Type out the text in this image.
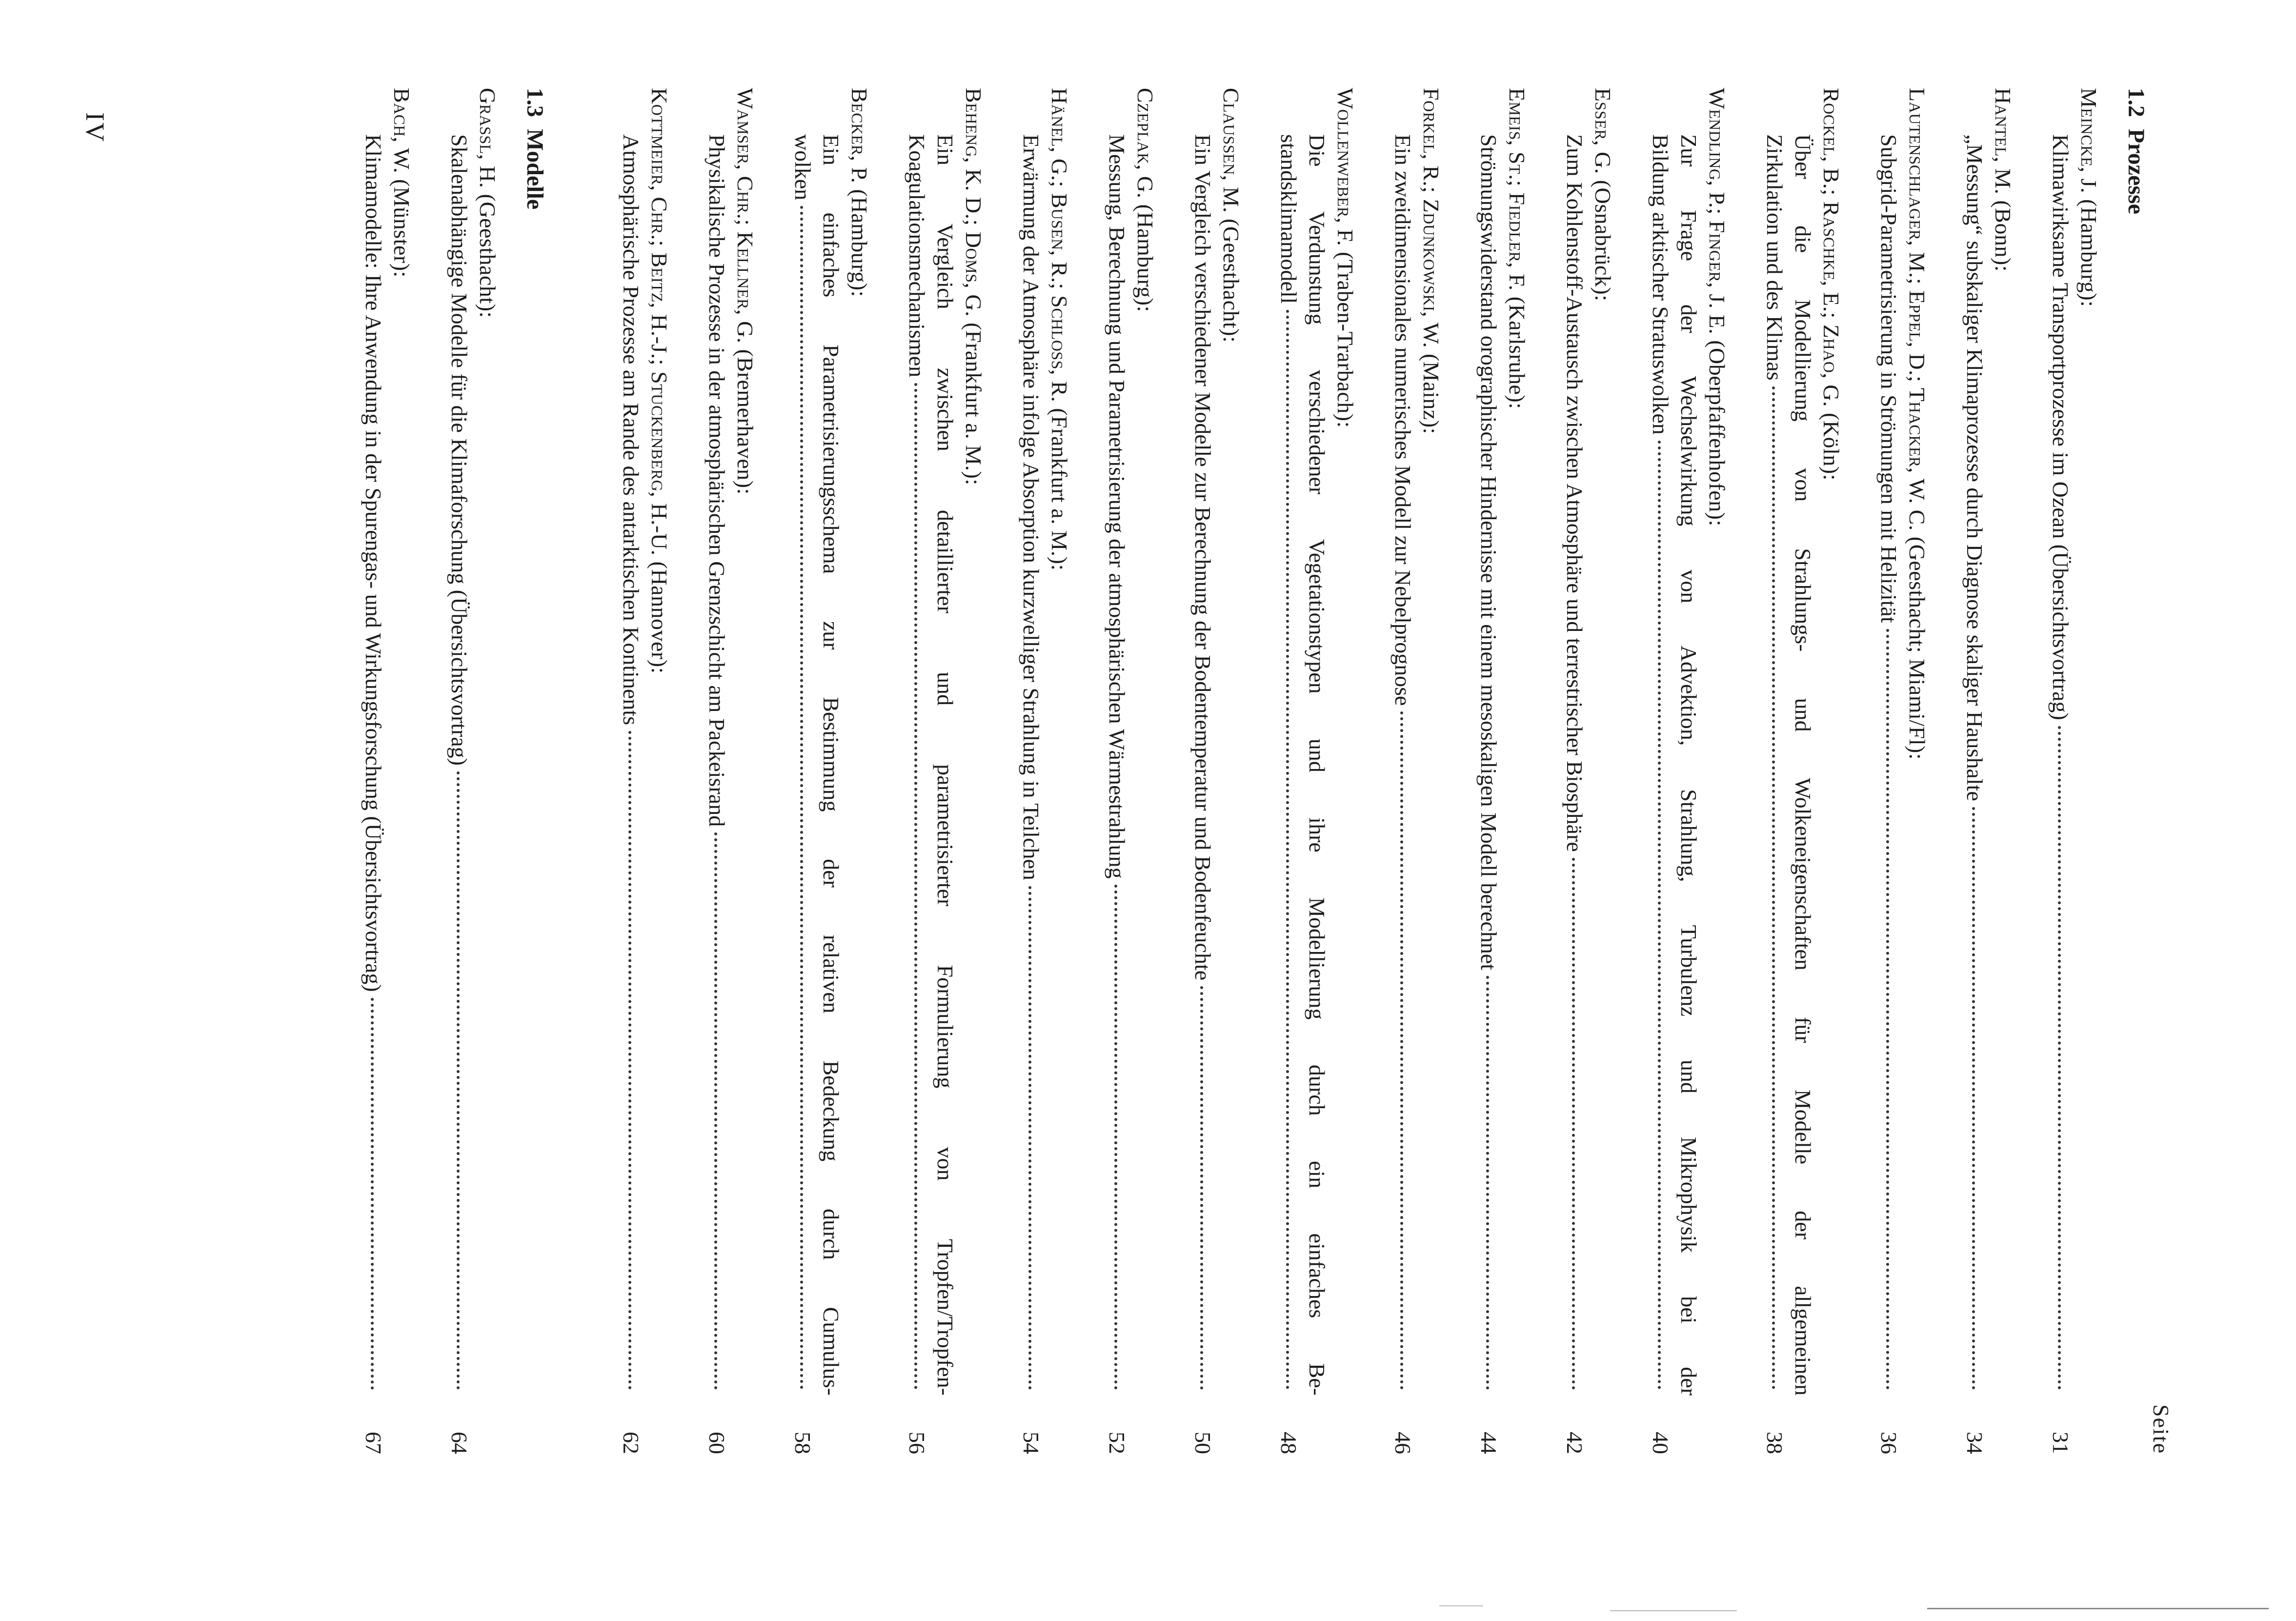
Seite
1.2Prozesse
Meincke, J. (Hamburg):
Klimawirksame Transportprozesse im Ozean (Übersichtsvortrag)
31
Hantel, M. (Bonn):
„Messung“ subskaliger Klimaprozesse durch Diagnose skaliger Haushalte
34
Lautenschlager, M.; Eppel, D.; Thacker, W. C. (Geesthacht; Miami/Fl):
Subgrid-Parametrisierung in Strömungen mit Helizität
36
Rockel, B.; Raschke, E.; Zhao, G. (Köln):
Über die Modellierung von Strahlungs- und Wolkeneigenschaften für Modelle der allgemeinen
Zirkulation und des Klimas
38
Wendling, P.; Finger, J. E. (Oberpfaffenhofen):
Zur Frage der Wechselwirkung von Advektion, Strahlung, Turbulenz und Mikrophysik bei der
Bildung arktischer Stratuswolken
40
Esser, G. (Osnabrück):
Zum Kohlenstoff-Austausch zwischen Atmosphäre und terrestrischer Biosphäre
42
Emeis, St.; Fiedler, F. (Karlsruhe):
Strömungswiderstand orographischer Hindernisse mit einem mesoskaligen Modell berechnet
44
Forkel, R.; Zdunkowski, W. (Mainz):
Ein zweidimensionales numerisches Modell zur Nebelprognose
46
Wollenweber, F. (Traben-Trarbach):
Die Verdunstung verschiedener Vegetationstypen und ihre Modellierung durch ein einfaches Be-
standsklimamodell
48
Claussen, M. (Geesthacht):
Ein Vergleich verschiedener Modelle zur Berechnung der Bodentemperatur und Bodenfeuchte
50
Czeplak, G. (Hamburg):
Messung, Berechnung und Parametrisierung der atmosphärischen Wärmestrahlung
52
Hänel, G.; Busen, R.; Schloss, R. (Frankfurt a. M.):
Erwärmung der Atmosphäre infolge Absorption kurzwelliger Strahlung in Teilchen
54
Beheng, K. D.; Doms, G. (Frankfurt a. M.):
Ein Vergleich zwischen detaillierter und parametrisierter Formulierung von Tropfen/Tropfen-
Koagulationsmechanismen
56
Becker, P. (Hamburg):
Ein einfaches Parametrisierungsschema zur Bestimmung der relativen Bedeckung durch Cumulus-
wolken
58
Wamser, Chr.; Kellner, G. (Bremerhaven):
Physikalische Prozesse in der atmosphärischen Grenzschicht am Packeisrand
60
Kottmeier, Chr.; Beitz, H.-J.; Stuckenberg, H.-U. (Hannover):
Atmosphärische Prozesse am Rande des antarktischen Kontinents
62
1.3Modelle
Grassl, H. (Geesthacht):
Skalenabhängige Modelle für die Klimaforschung (Übersichtsvortrag)
64
Bach, W. (Münster):
Klimamodelle: Ihre Anwendung in der Spurengas- und Wirkungsforschung (Übersichtsvortrag)
67
IV
